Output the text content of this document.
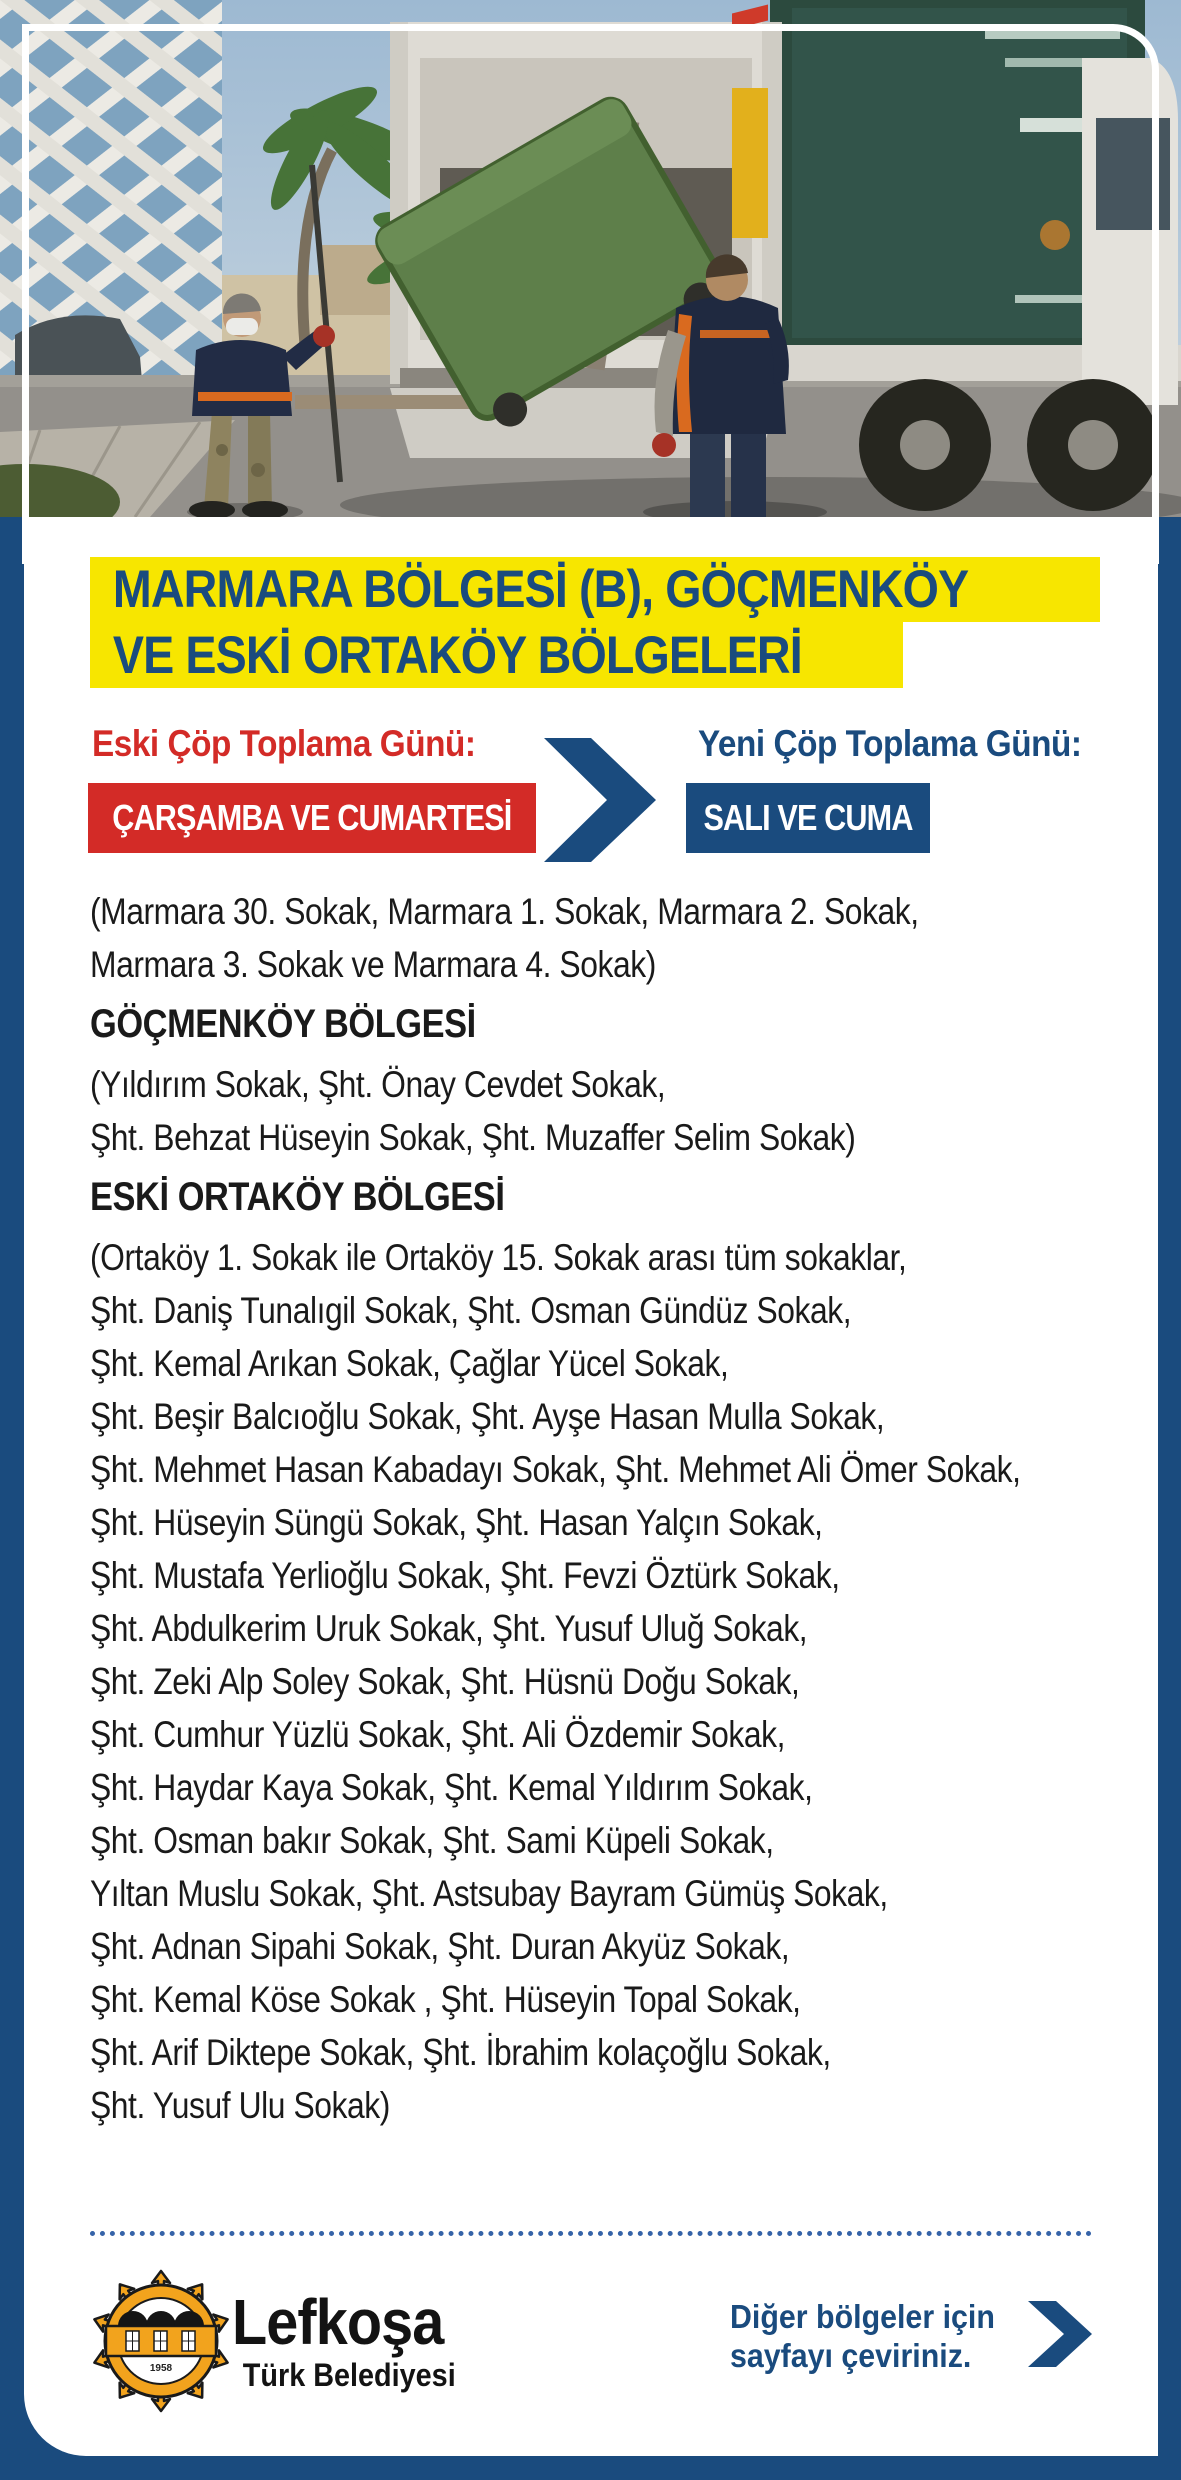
MARMARA BÖLGESİ (B), GÖÇMENKÖY
VE ESKİ ORTAKÖY BÖLGELERİ
Eski Çöp Toplama Günü:	Yeni Çöp Toplama Günü:
ÇARŞAMBA VE CUMARTESİ	SALI VE CUMA
(Marmara 30. Sokak, Marmara 1. Sokak, Marmara 2. Sokak,
Marmara 3. Sokak ve Marmara 4. Sokak)
GÖÇMENKÖY BÖLGESİ
(Yıldırım Sokak, Şht. Önay Cevdet Sokak,
Şht. Behzat Hüseyin Sokak, Şht. Muzaffer Selim Sokak)
ESKİ ORTAKÖY BÖLGESİ
(Ortaköy 1. Sokak ile Ortaköy 15. Sokak arası tüm sokaklar,
Şht. Daniş Tunalıgil Sokak, Şht. Osman Gündüz Sokak,
Şht. Kemal Arıkan Sokak, Çağlar Yücel Sokak,
Şht. Beşir Balcıoğlu Sokak, Şht. Ayşe Hasan Mulla Sokak,
Şht. Mehmet Hasan Kabadayı Sokak, Şht. Mehmet Ali Ömer Sokak,
Şht. Hüseyin Süngü Sokak, Şht. Hasan Yalçın Sokak,
Şht. Mustafa Yerlioğlu Sokak, Şht. Fevzi Öztürk Sokak,
Şht. Abdulkerim Uruk Sokak, Şht. Yusuf Uluğ Sokak,
Şht. Zeki Alp Soley Sokak, Şht. Hüsnü Doğu Sokak,
Şht. Cumhur Yüzlü Sokak, Şht. Ali Özdemir Sokak,
Şht. Haydar Kaya Sokak, Şht. Kemal Yıldırım Sokak,
Şht. Osman bakır Sokak, Şht. Sami Küpeli Sokak,
Yıltan Muslu Sokak, Şht. Astsubay Bayram Gümüş Sokak,
Şht. Adnan Sipahi Sokak, Şht. Duran Akyüz Sokak,
Şht. Kemal Köse Sokak , Şht. Hüseyin Topal Sokak,
Şht. Arif Diktepe Sokak, Şht. İbrahim kolaçoğlu Sokak,
Şht. Yusuf Ulu Sokak)
1958
Lefkoşa
Türk Belediyesi
Diğer bölgeler için
sayfayı çeviriniz.
